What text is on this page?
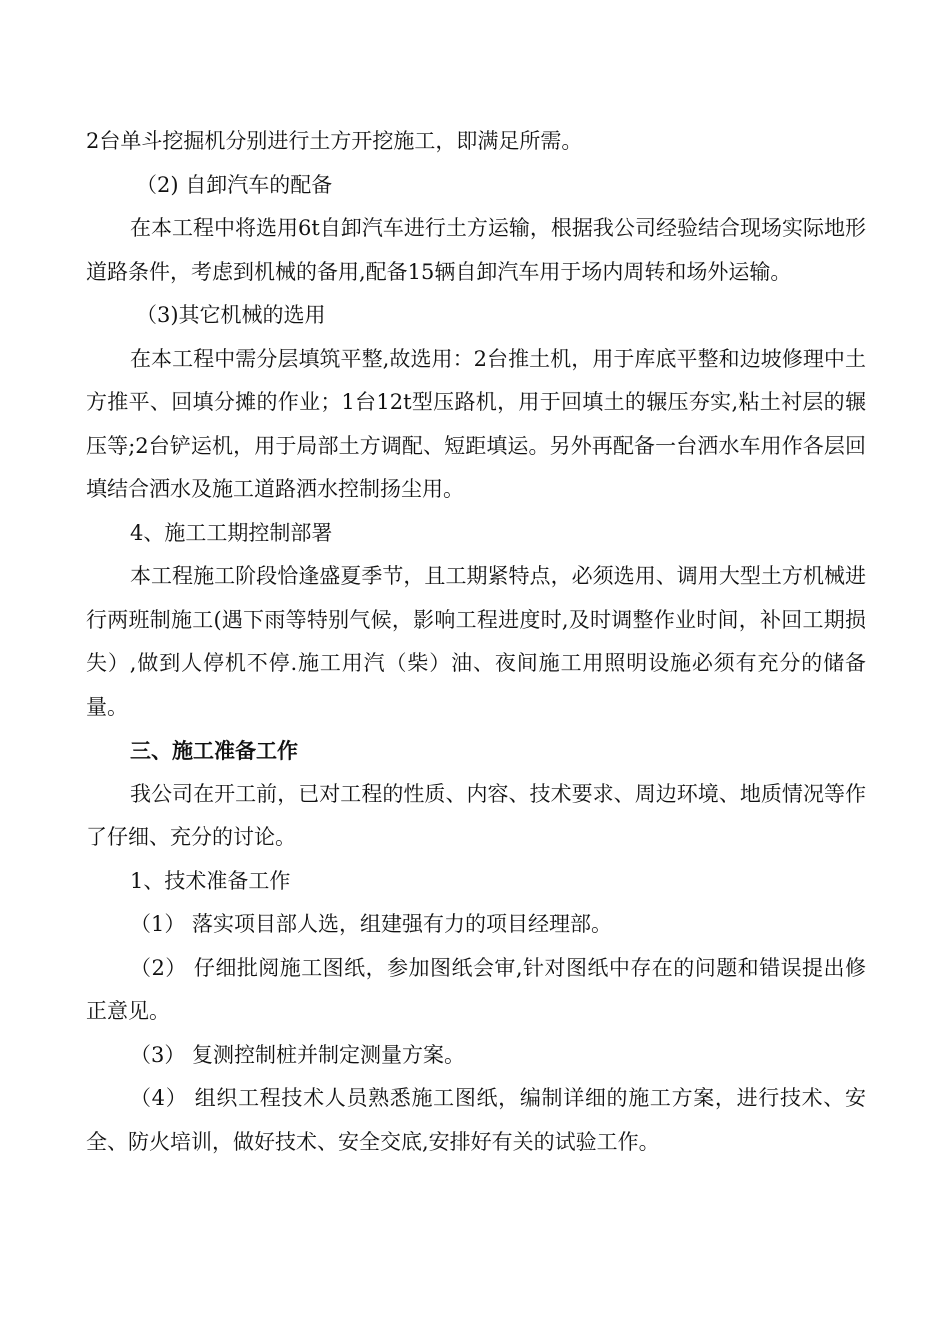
2台单斗挖掘机分别进行土方开挖施工，即满足所需。

（2) 自卸汽车的配备

在本工程中将选用6t自卸汽车进行土方运输，根据我公司经验结合现场实际地形道路条件，考虑到机械的备用,配备15辆自卸汽车用于场内周转和场外运输。

（3)其它机械的选用

在本工程中需分层填筑平整,故选用：2台推土机，用于库底平整和边坡修理中土方推平、回填分摊的作业；1台12t型压路机，用于回填土的辗压夯实,粘土衬层的辗压等;2台铲运机，用于局部土方调配、短距填运。另外再配备一台洒水车用作各层回填结合洒水及施工道路洒水控制扬尘用。

4、施工工期控制部署

本工程施工阶段恰逢盛夏季节，且工期紧特点，必须选用、调用大型土方机械进行两班制施工(遇下雨等特别气候，影响工程进度时,及时调整作业时间，补回工期损失）,做到人停机不停.施工用汽（柴）油、夜间施工用照明设施必须有充分的储备量。

三、施工准备工作

我公司在开工前，已对工程的性质、内容、技术要求、周边环境、地质情况等作了仔细、充分的讨论。

1、技术准备工作

（1） 落实项目部人选，组建强有力的项目经理部。

（2） 仔细批阅施工图纸，参加图纸会审,针对图纸中存在的问题和错误提出修正意见。

（3） 复测控制桩并制定测量方案。

（4） 组织工程技术人员熟悉施工图纸，编制详细的施工方案，进行技术、安全、防火培训，做好技术、安全交底,安排好有关的试验工作。
